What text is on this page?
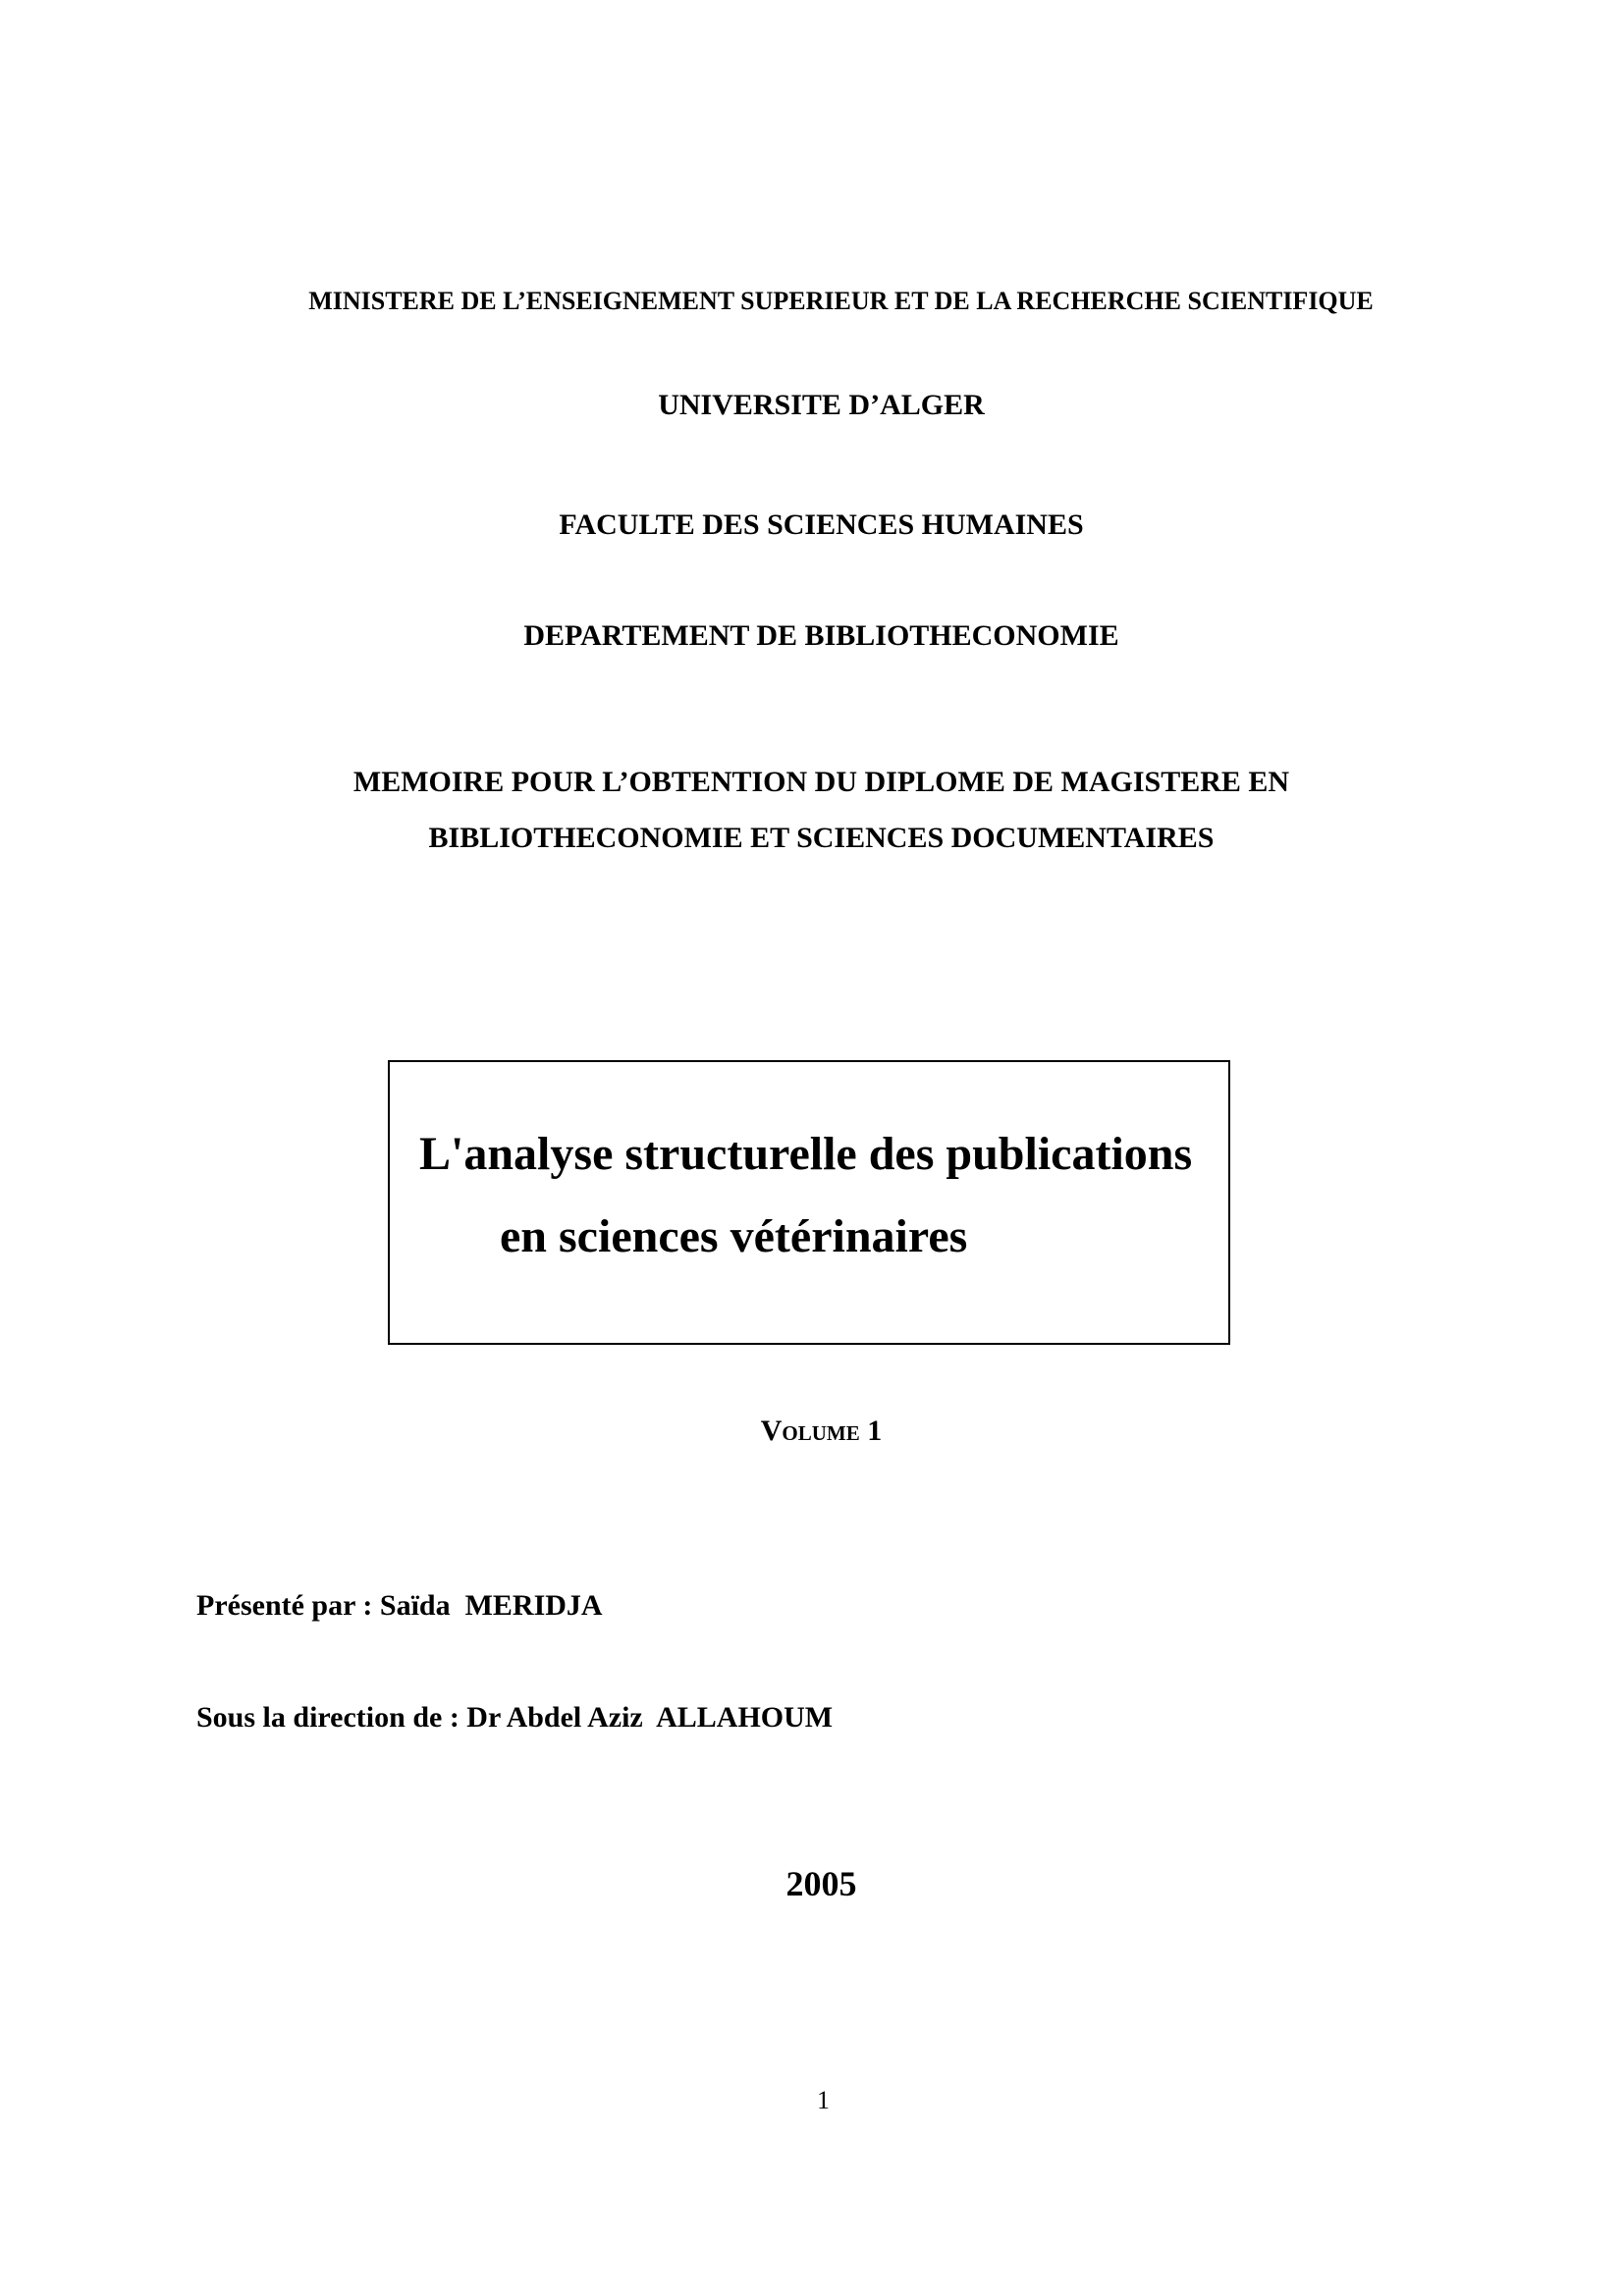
MINISTERE DE L’ENSEIGNEMENT SUPERIEUR ET DE LA RECHERCHE SCIENTIFIQUE
UNIVERSITE D’ALGER
FACULTE DES SCIENCES HUMAINES
DEPARTEMENT DE BIBLIOTHECONOMIE
MEMOIRE POUR L’OBTENTION DU DIPLOME DE MAGISTERE EN
BIBLIOTHECONOMIE ET SCIENCES DOCUMENTAIRES
L'analyse structurelle des publications
en sciences vétérinaires
Volume 1
Présenté par : Saïda  MERIDJA
Sous la direction de : Dr Abdel Aziz  ALLAHOUM
2005
1
